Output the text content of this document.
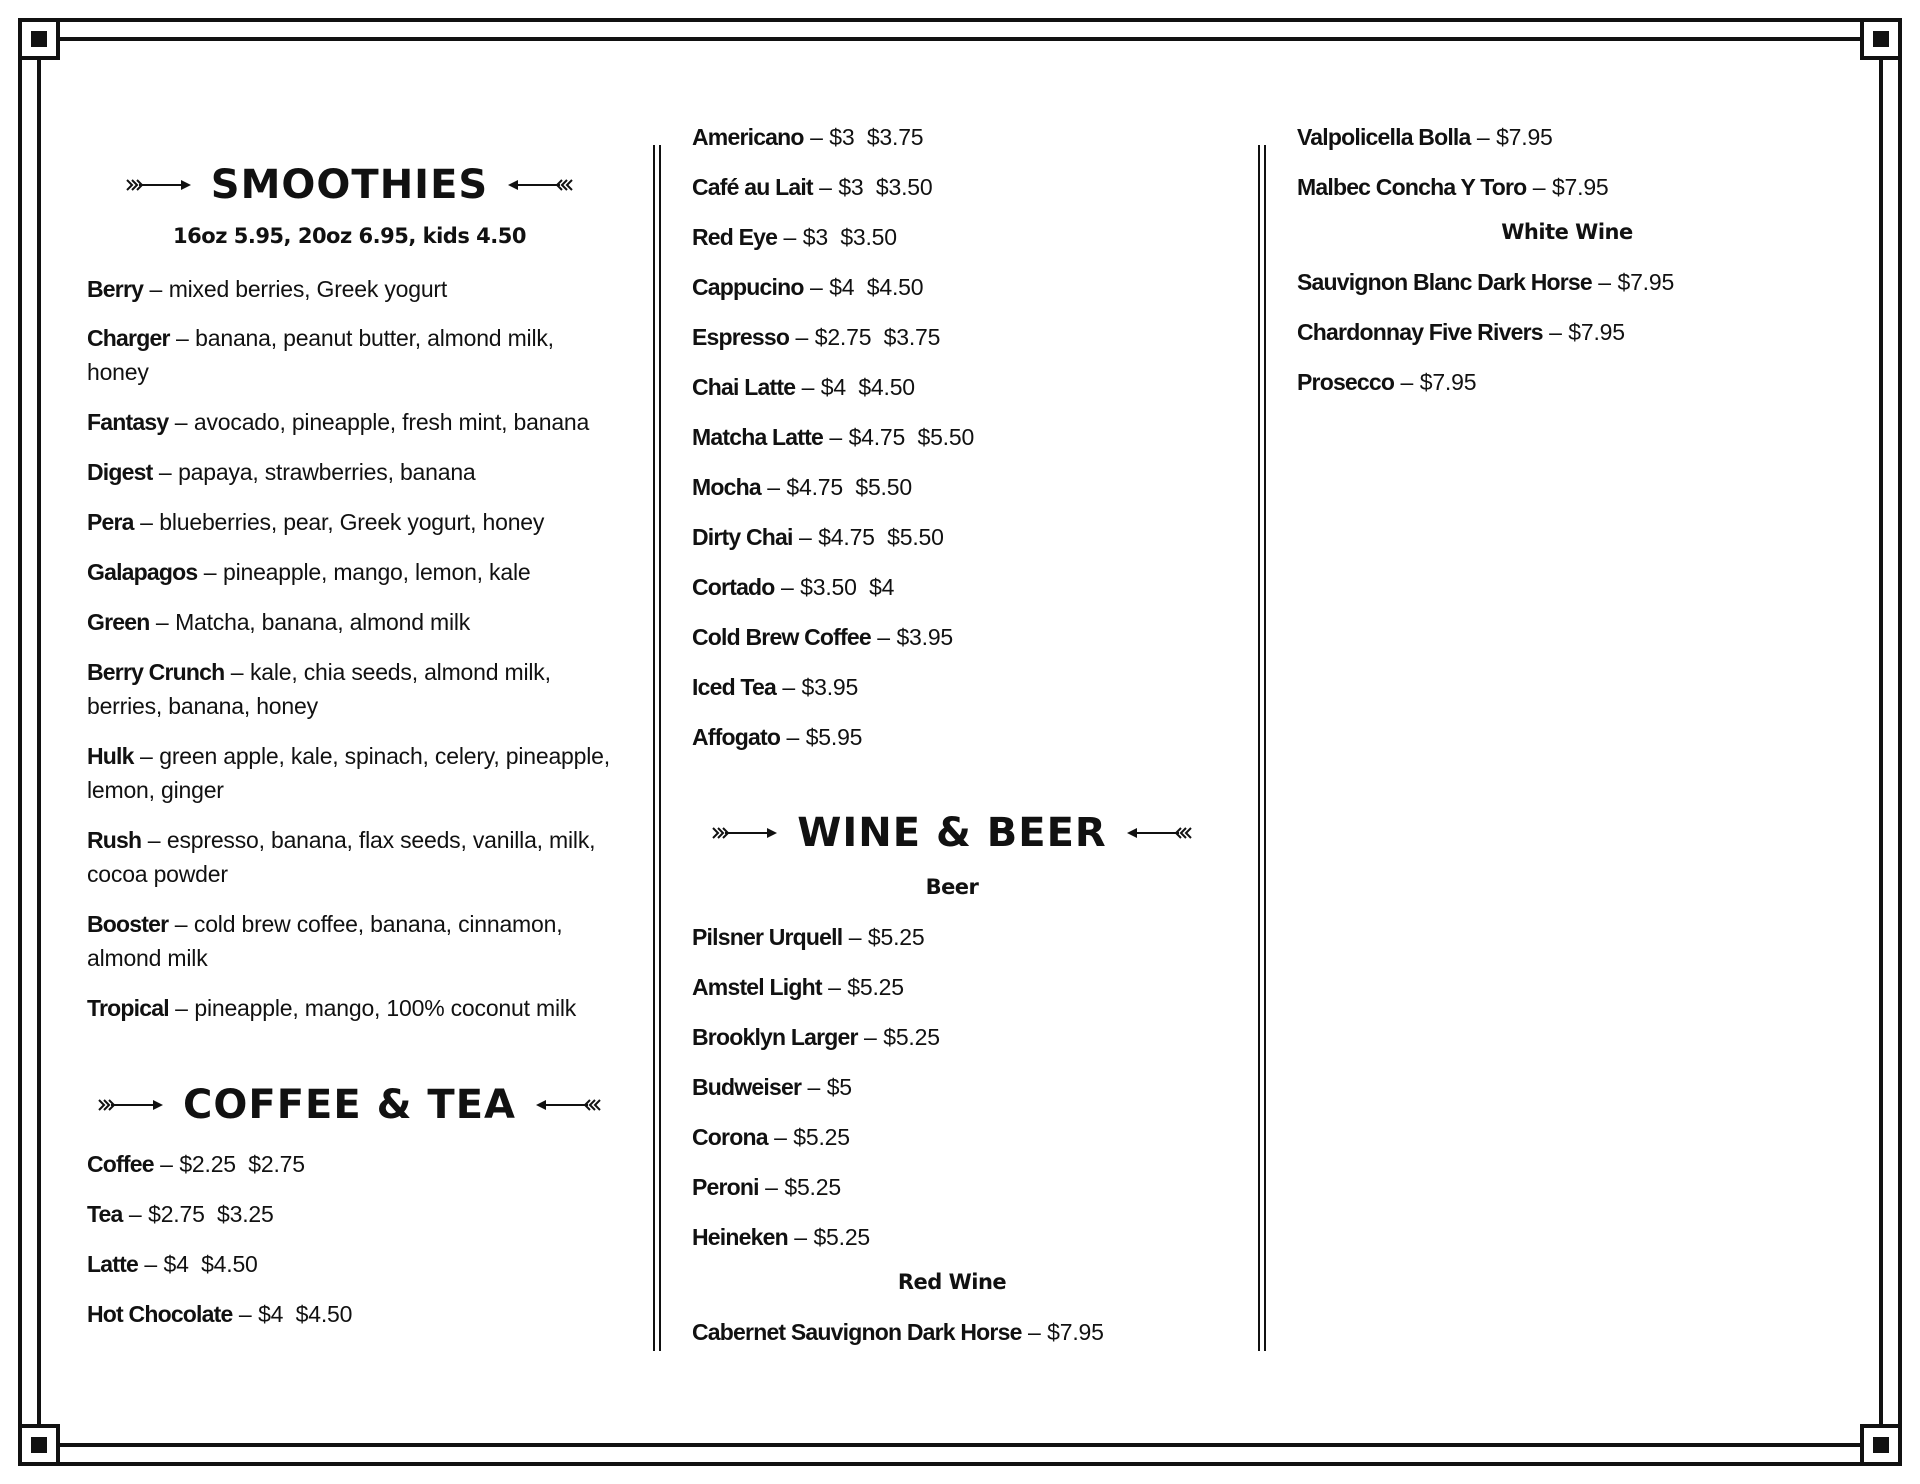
SMOOTHIES
16oz 5.95, 20oz 6.95, kids 4.50
Berry – mixed berries, Greek yogurt
Charger – banana, peanut butter, almond milk, honey
Fantasy – avocado, pineapple, fresh mint, banana
Digest – papaya, strawberries, banana
Pera – blueberries, pear, Greek yogurt, honey
Galapagos – pineapple, mango, lemon, kale
Green – Matcha, banana, almond milk
Berry Crunch – kale, chia seeds, almond milk, berries, banana, honey
Hulk – green apple, kale, spinach, celery, pineapple, lemon, ginger
Rush – espresso, banana, flax seeds, vanilla, milk, cocoa powder
Booster – cold brew coffee, banana, cinnamon, almond milk
Tropical – pineapple, mango, 100% coconut milk
COFFEE & TEA
Coffee – $2.25  $2.75
Tea – $2.75  $3.25
Latte – $4  $4.50
Hot Chocolate – $4  $4.50
Americano – $3  $3.75
Café au Lait – $3  $3.50
Red Eye – $3  $3.50
Cappucino – $4  $4.50
Espresso – $2.75  $3.75
Chai Latte – $4  $4.50
Matcha Latte – $4.75  $5.50
Mocha – $4.75  $5.50
Dirty Chai – $4.75  $5.50
Cortado – $3.50  $4
Cold Brew Coffee – $3.95
Iced Tea – $3.95
Affogato – $5.95
WINE & BEER
Beer
Pilsner Urquell – $5.25
Amstel Light – $5.25
Brooklyn Larger – $5.25
Budweiser – $5
Corona – $5.25
Peroni – $5.25
Heineken – $5.25
Red Wine
Cabernet Sauvignon Dark Horse – $7.95
Valpolicella Bolla – $7.95
Malbec Concha Y Toro – $7.95
White Wine
Sauvignon Blanc Dark Horse – $7.95
Chardonnay Five Rivers – $7.95
Prosecco – $7.95
